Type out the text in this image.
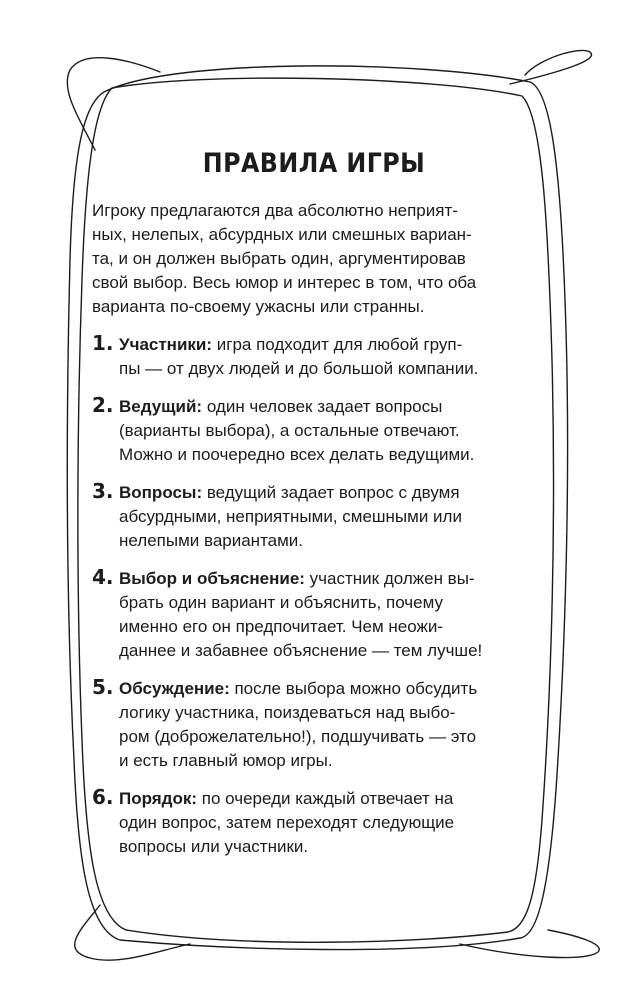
ПРАВИЛА ИГРЫ
Игроку предлагаются два абсолютно неприят-
ных, нелепых, абсурдных или смешных вариан-
та, и он должен выбрать один, аргументировав
свой выбор. Весь юмор и интерес в том, что оба
варианта по-своему ужасны или странны.
1. Участники: игра подходит для любой груп-
пы — от двух людей и до большой компании.
2. Ведущий: один человек задает вопросы
(варианты выбора), а остальные отвечают.
Можно и поочередно всех делать ведущими.
3. Вопросы: ведущий задает вопрос с двумя
абсурдными, неприятными, смешными или
нелепыми вариантами.
4. Выбор и объяснение: участник должен вы-
брать один вариант и объяснить, почему
именно его он предпочитает. Чем неожи-
даннее и забавнее объяснение — тем лучше!
5. Обсуждение: после выбора можно обсудить
логику участника, поиздеваться над выбо-
ром (доброжелательно!), подшучивать — это
и есть главный юмор игры.
6. Порядок: по очереди каждый отвечает на
один вопрос, затем переходят следующие
вопросы или участники.
